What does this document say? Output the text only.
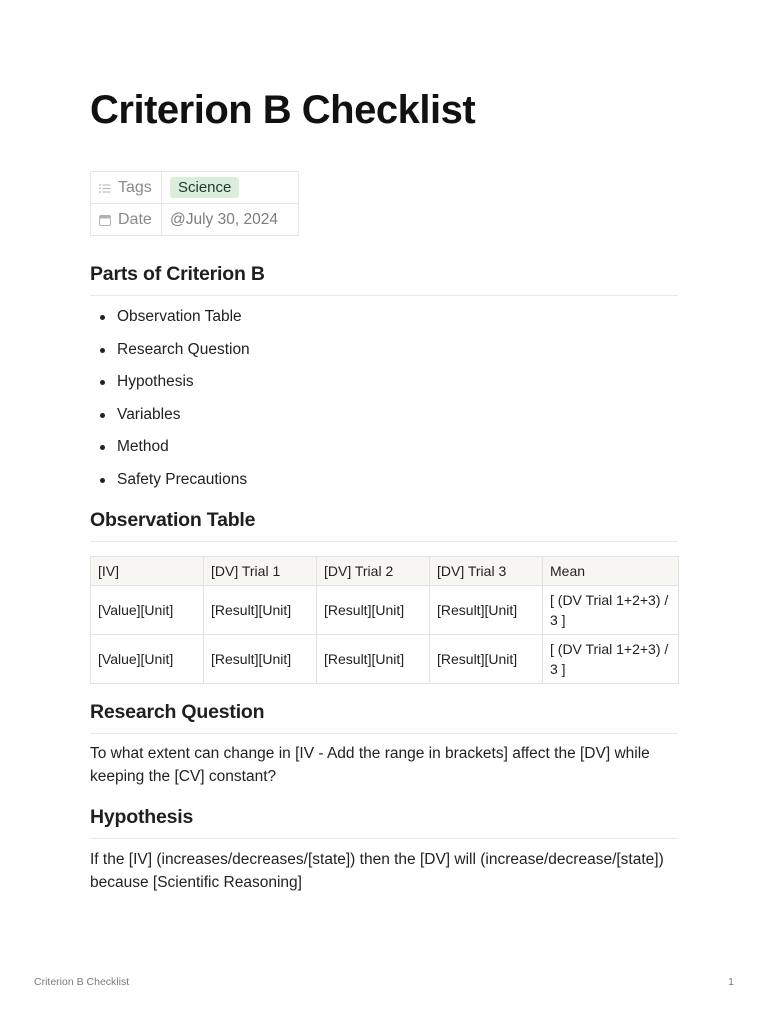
Criterion B Checklist
Tags	Science

Date	@July 30, 2024
Parts of Criterion B
Observation Table
Research Question
Hypothesis
Variables
Method
Safety Precautions
Observation Table
[IV]	[DV] Trial 1	[DV] Trial 2	[DV] Trial 3	Mean
[Value][Unit]	[Result][Unit]	[Result][Unit]	[Result][Unit]	[ (DV Trial 1+2+3) / 3 ]
[Value][Unit]	[Result][Unit]	[Result][Unit]	[Result][Unit]	[ (DV Trial 1+2+3) / 3 ]
Research Question

To what extent can change in [IV - Add the range in brackets] affect the [DV] while keeping the [CV] constant?

Hypothesis

If the [IV] (increases/decreases/[state]) then the [DV] will (increase/decrease/[state]) because [Scientific Reasoning]

Criterion B Checklist	1
